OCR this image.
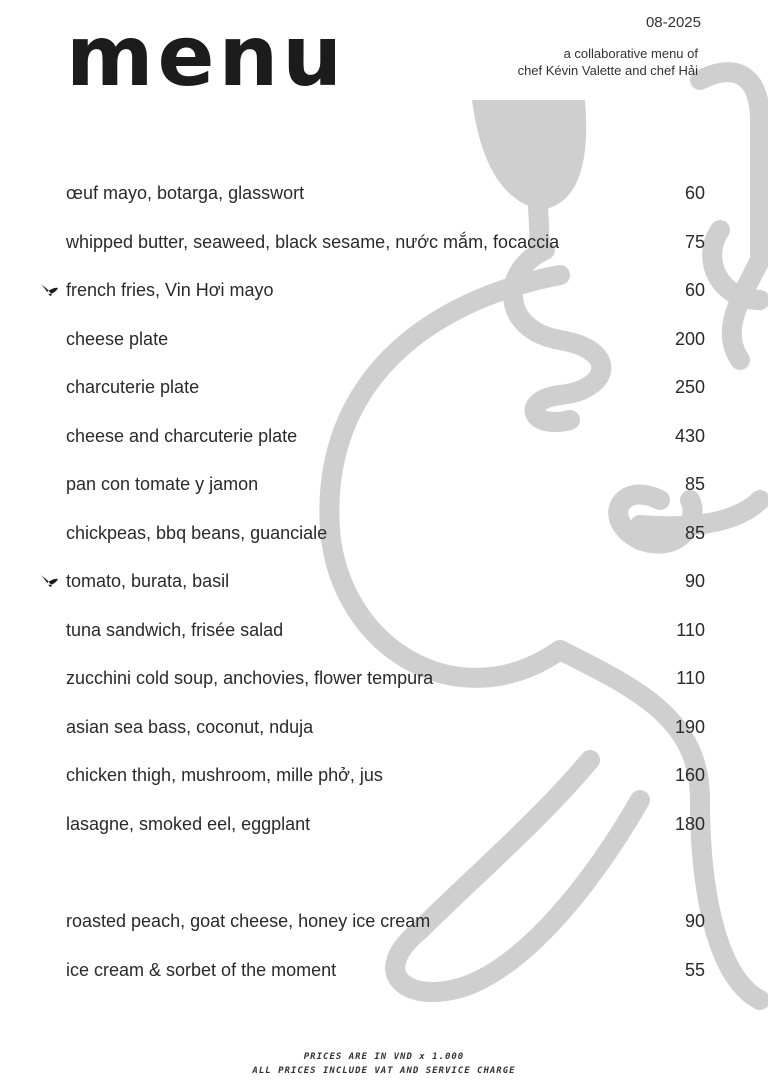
menu	08-2025
a collaborative menu of
chef Kévin Valette and chef Hải
œuf mayo, botarga, glasswort	60
whipped butter, seaweed, black sesame, nước mắm, focaccia	75
french fries, Vin Hơi mayo	60
cheese plate	200
charcuterie plate	250
cheese and charcuterie plate	430
pan con tomate y jamon	85
chickpeas, bbq beans, guanciale	85
tomato, burata, basil	90
tuna sandwich, frisée salad	110
zucchini cold soup, anchovies, flower tempura	110
asian sea bass, coconut, nduja	190
chicken thigh, mushroom, mille phở, jus	160
lasagne, smoked eel, eggplant	180
roasted peach, goat cheese, honey ice cream	90
ice cream & sorbet of the moment	55
PRICES ARE IN VND x 1.000
ALL PRICES INCLUDE VAT AND SERVICE CHARGE
